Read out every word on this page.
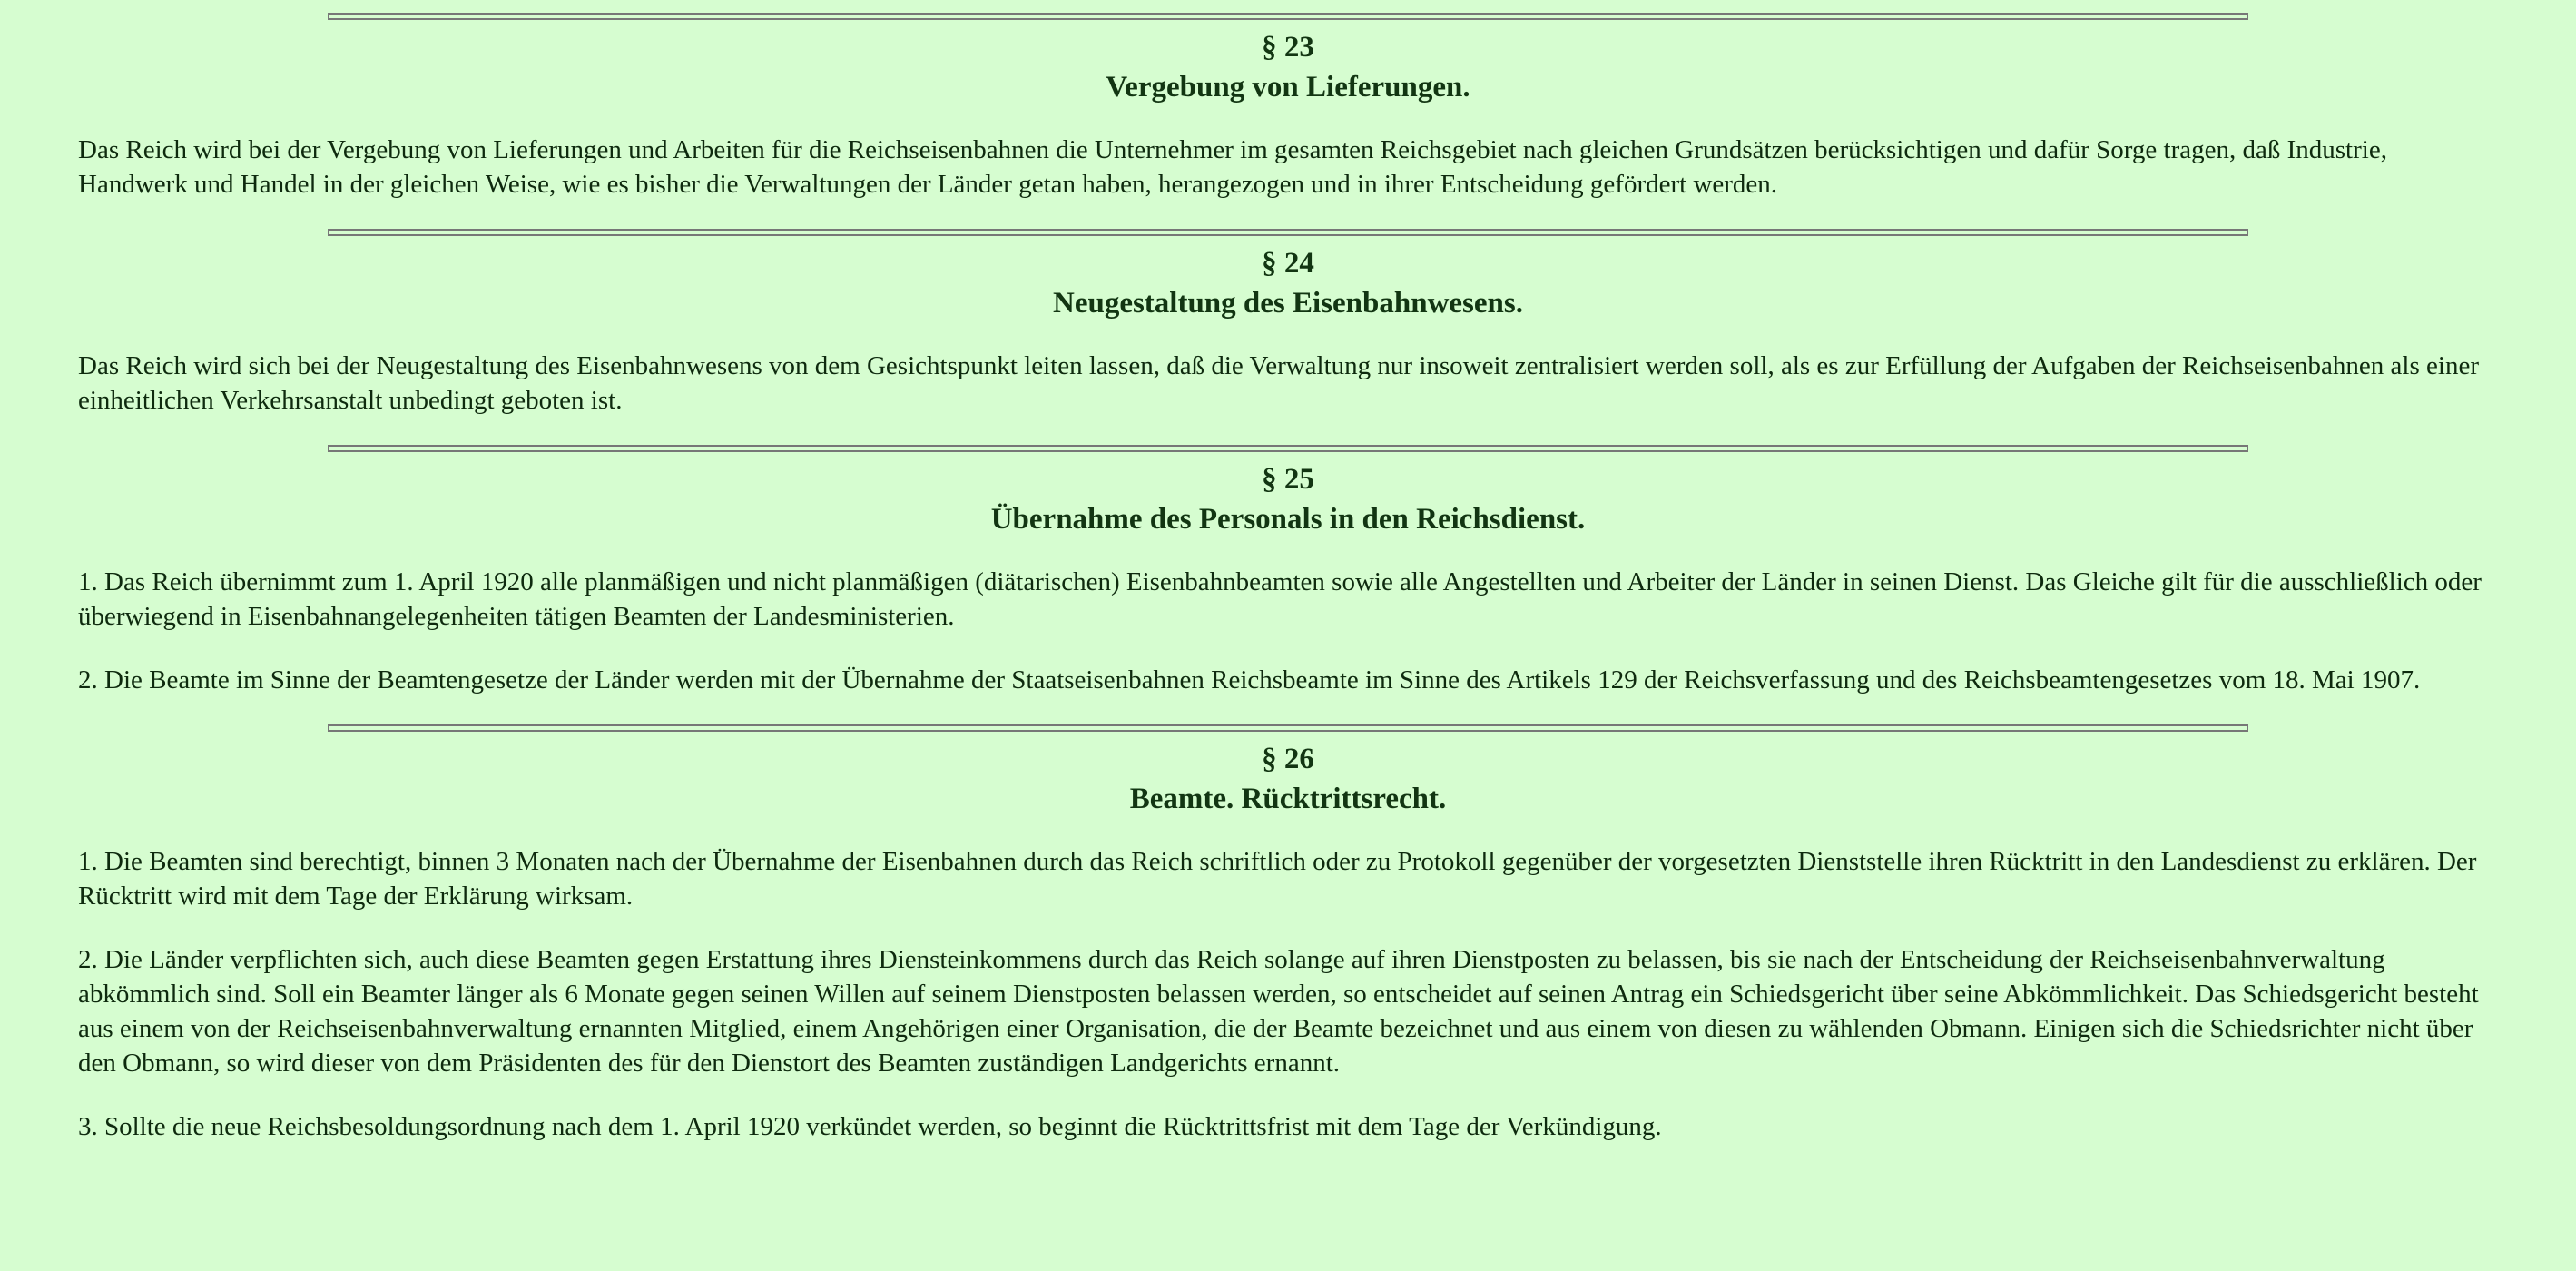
§ 23
Vergebung von Lieferungen.

Das Reich wird bei der Vergebung von Lieferungen und Arbeiten für die Reichseisenbahnen die Unternehmer im gesamten Reichsgebiet nach gleichen Grundsätzen berücksichtigen und dafür Sorge tragen, daß Industrie, Handwerk und Handel in der gleichen Weise, wie es bisher die Verwaltungen der Länder getan haben, herangezogen und in ihrer Entscheidung gefördert werden.

§ 24
Neugestaltung des Eisenbahnwesens.

Das Reich wird sich bei der Neugestaltung des Eisenbahnwesens von dem Gesichtspunkt leiten lassen, daß die Verwaltung nur insoweit zentralisiert werden soll, als es zur Erfüllung der Aufgaben der Reichseisenbahnen als einer einheitlichen Verkehrsanstalt unbedingt geboten ist.

§ 25
Übernahme des Personals in den Reichsdienst.

1. Das Reich übernimmt zum 1. April 1920 alle planmäßigen und nicht planmäßigen (diätarischen) Eisenbahnbeamten sowie alle Angestellten und Arbeiter der Länder in seinen Dienst. Das Gleiche gilt für die ausschließlich oder überwiegend in Eisenbahnangelegenheiten tätigen Beamten der Landesministerien.

2. Die Beamte im Sinne der Beamtengesetze der Länder werden mit der Übernahme der Staatseisenbahnen Reichsbeamte im Sinne des Artikels 129 der Reichsverfassung und des Reichsbeamtengesetzes vom 18. Mai 1907.

§ 26
Beamte. Rücktrittsrecht.

1. Die Beamten sind berechtigt, binnen 3 Monaten nach der Übernahme der Eisenbahnen durch das Reich schriftlich oder zu Protokoll gegenüber der vorgesetzten Dienststelle ihren Rücktritt in den Landesdienst zu erklären. Der Rücktritt wird mit dem Tage der Erklärung wirksam.

2. Die Länder verpflichten sich, auch diese Beamten gegen Erstattung ihres Diensteinkommens durch das Reich solange auf ihren Dienstposten zu belassen, bis sie nach der Entscheidung der Reichseisenbahnverwaltung abkömmlich sind. Soll ein Beamter länger als 6 Monate gegen seinen Willen auf seinem Dienstposten belassen werden, so entscheidet auf seinen Antrag ein Schiedsgericht über seine Abkömmlichkeit. Das Schiedsgericht besteht aus einem von der Reichseisenbahnverwaltung ernannten Mitglied, einem Angehörigen einer Organisation, die der Beamte bezeichnet und aus einem von diesen zu wählenden Obmann. Einigen sich die Schiedsrichter nicht über den Obmann, so wird dieser von dem Präsidenten des für den Dienstort des Beamten zuständigen Landgerichts ernannt.

3. Sollte die neue Reichsbesoldungsordnung nach dem 1. April 1920 verkündet werden, so beginnt die Rücktrittsfrist mit dem Tage der Verkündigung.
